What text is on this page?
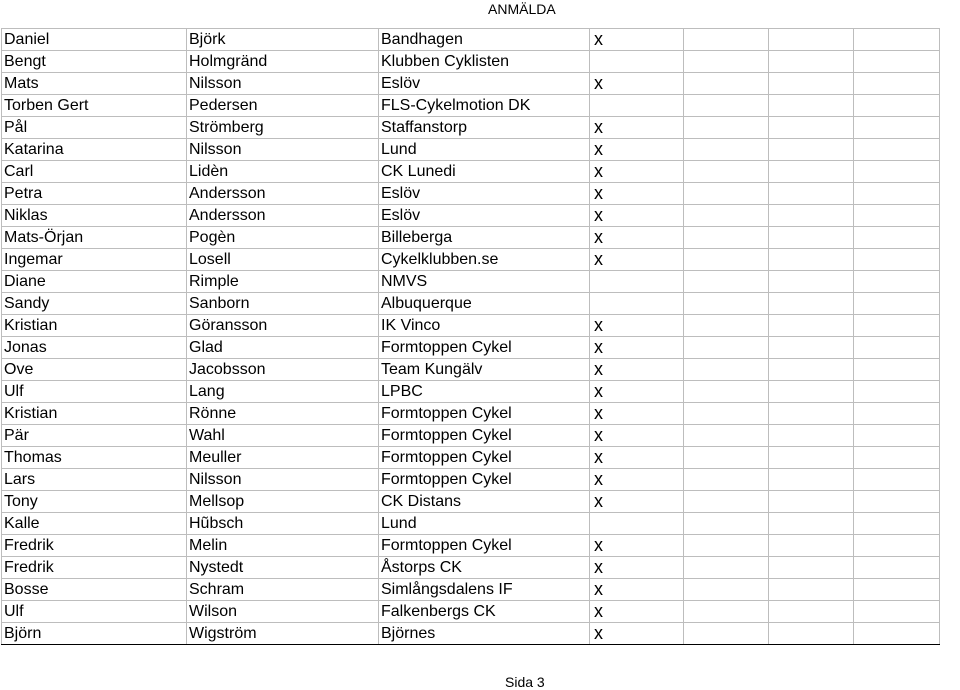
ANMÄLDA
Daniel	Björk	Bandhagen	x			
Bengt	Holmgränd	Klubben Cyklisten				
Mats	Nilsson	Eslöv	x			
Torben Gert	Pedersen	FLS-Cykelmotion DK				
Pål	Strömberg	Staffanstorp	x			
Katarina	Nilsson	Lund	x			
Carl	Lidèn	CK Lunedi	x			
Petra	Andersson	Eslöv	x			
Niklas	Andersson	Eslöv	x			
Mats-Örjan	Pogèn	Billeberga	x			
Ingemar	Losell	Cykelklubben.se	x			
Diane	Rimple	NMVS				
Sandy	Sanborn	Albuquerque				
Kristian	Göransson	IK Vinco	x			
Jonas	Glad	Formtoppen Cykel	x			
Ove	Jacobsson	Team Kungälv	x			
Ulf	Lang	LPBC	x			
Kristian	Rönne	Formtoppen Cykel	x			
Pär	Wahl	Formtoppen Cykel	x			
Thomas	Meuller	Formtoppen Cykel	x			
Lars	Nilsson	Formtoppen Cykel	x			
Tony	Mellsop	CK Distans	x			
Kalle	Hũbsch	Lund				
Fredrik	Melin	Formtoppen Cykel	x			
Fredrik	Nystedt	Åstorps CK	x			
Bosse	Schram	Simlångsdalens IF	x			
Ulf	Wilson	Falkenbergs CK	x			
Björn	Wigström	Björnes	x			
Sida 3
